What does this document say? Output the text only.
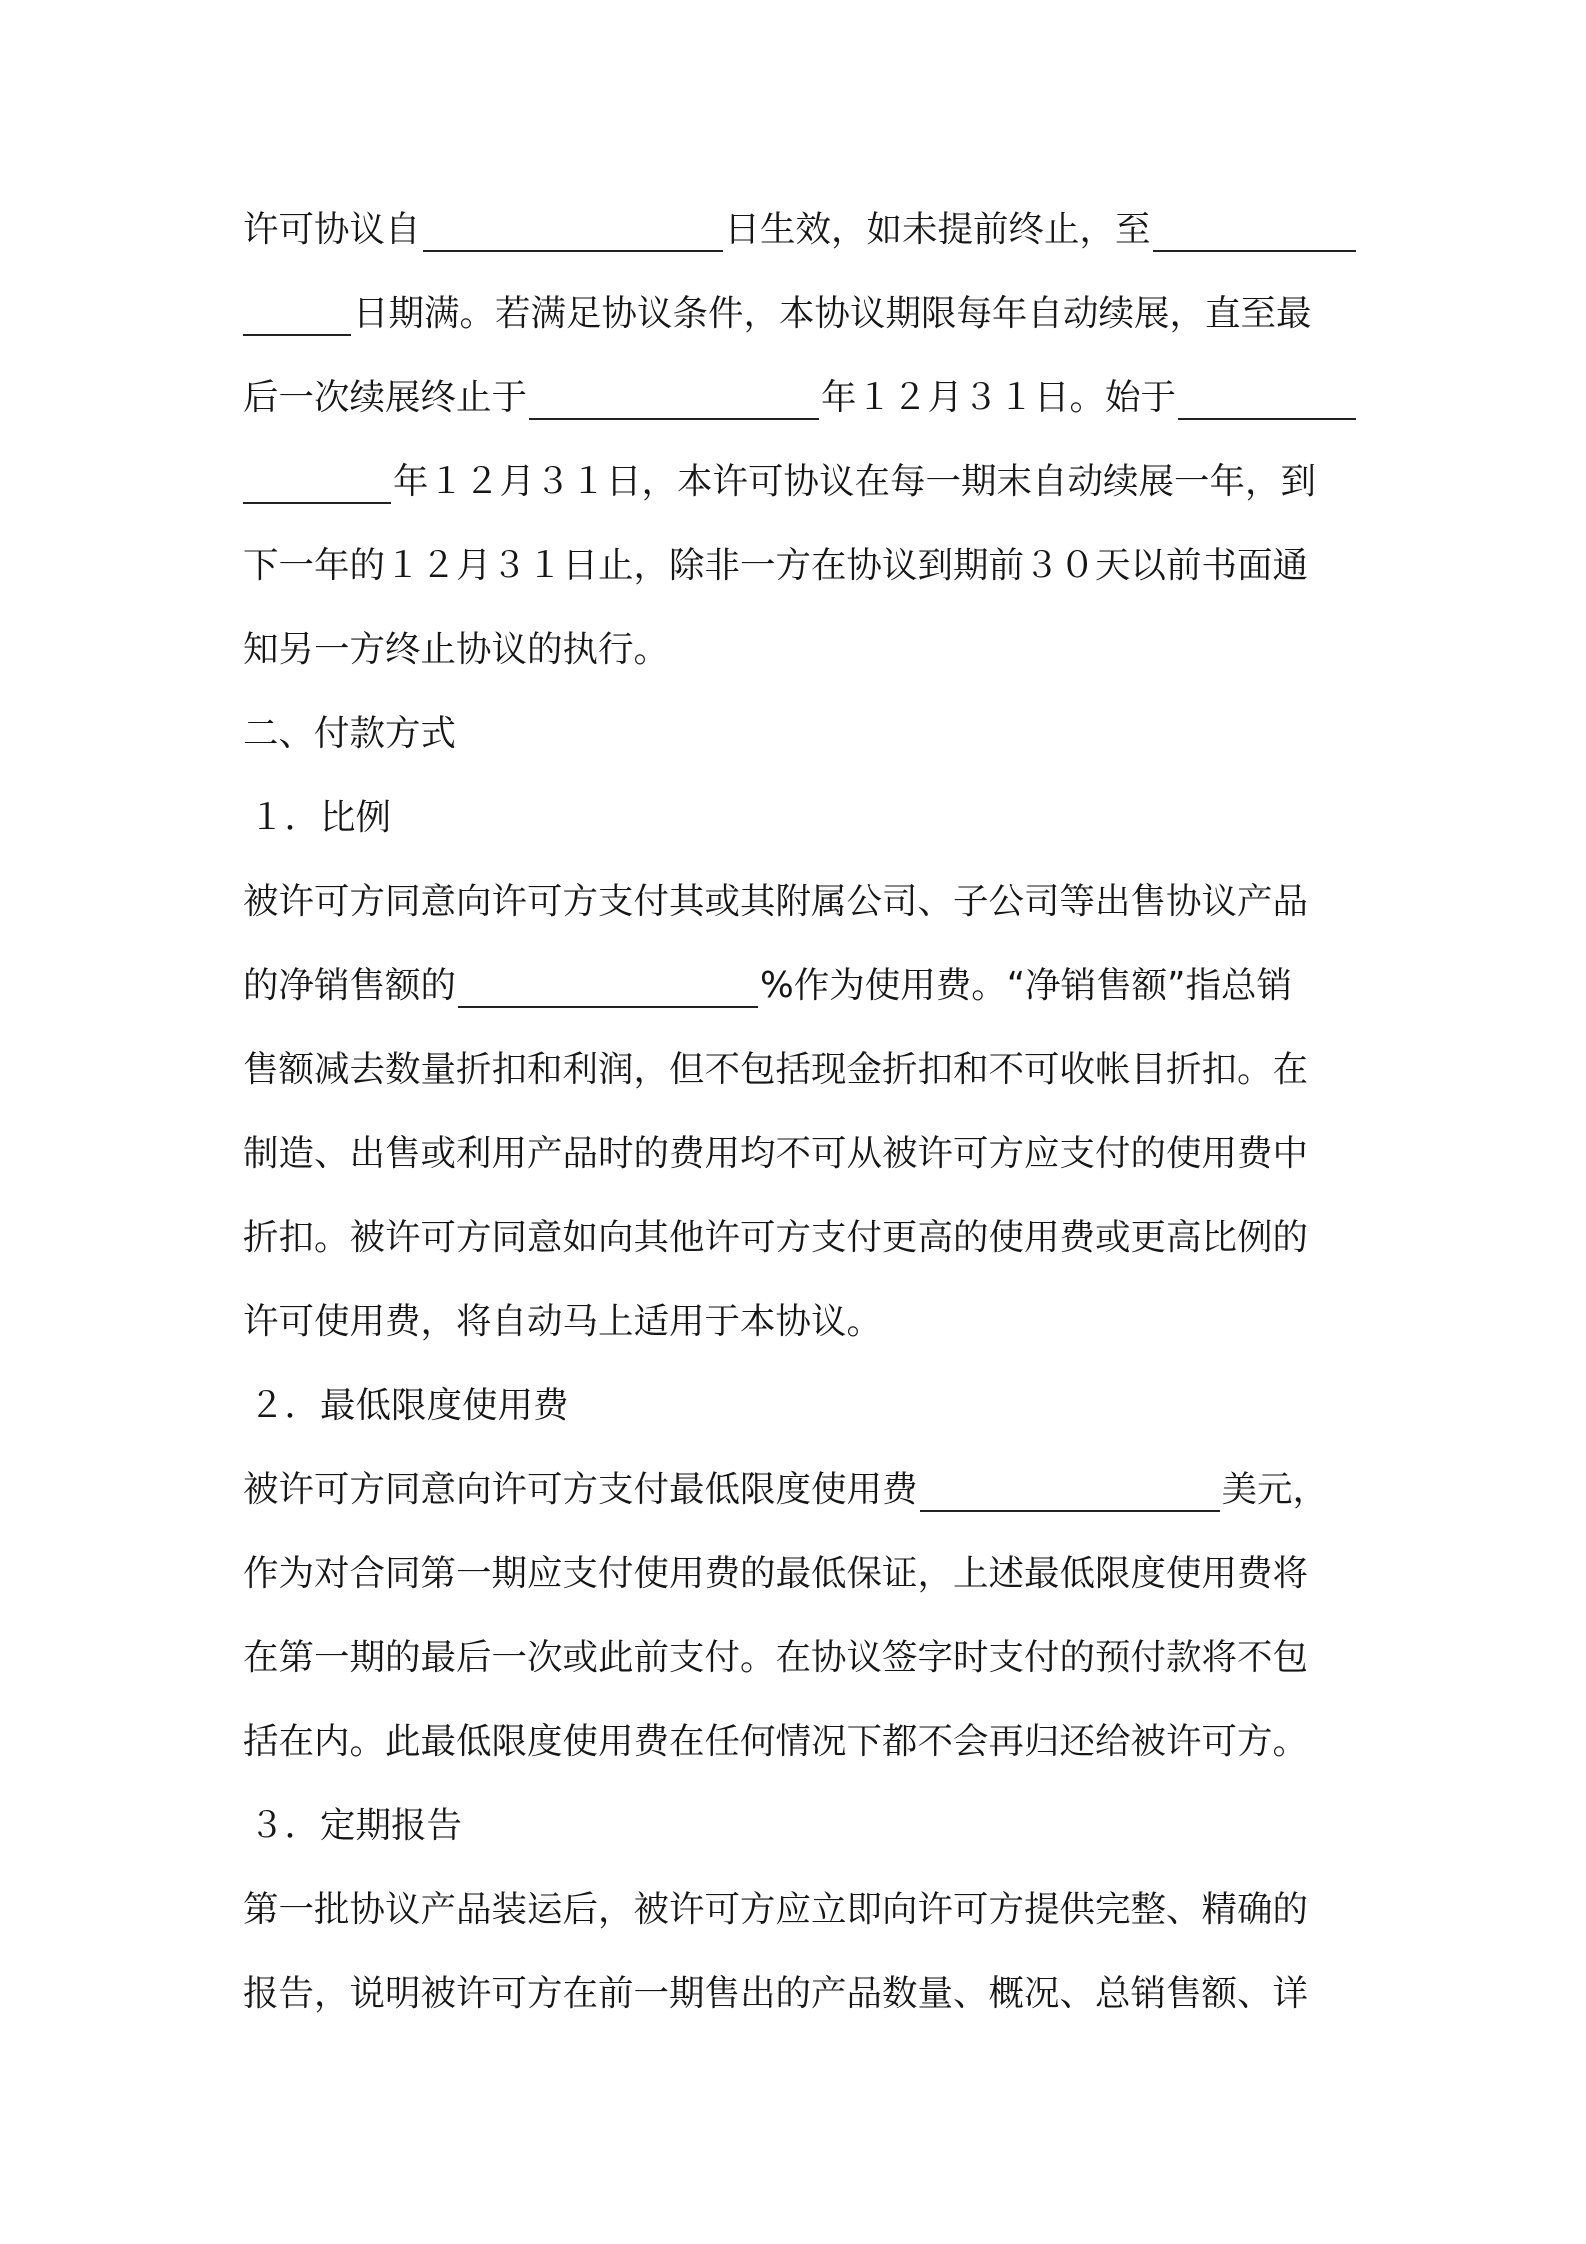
许可协议自	日生效，如未提前终止，至
日期满。若满足协议条件，本协议期限每年自动续展，直至最
后一次续展终止于	年１２月３１日。始于
年１２月３１日，本许可协议在每一期末自动续展一年，到
下一年的１２月３１日止，除非一方在协议到期前３０天以前书面通
知另一方终止协议的执行。
二、付款方式
１．比例
被许可方同意向许可方支付其或其附属公司、子公司等出售协议产品
的净销售额的	%作为使用费。“净销售额”指总销
售额减去数量折扣和利润，但不包括现金折扣和不可收帐目折扣。在
制造、出售或利用产品时的费用均不可从被许可方应支付的使用费中
折扣。被许可方同意如向其他许可方支付更高的使用费或更高比例的
许可使用费，将自动马上适用于本协议。
２．最低限度使用费
被许可方同意向许可方支付最低限度使用费	美元，
作为对合同第一期应支付使用费的最低保证，上述最低限度使用费将
在第一期的最后一次或此前支付。在协议签字时支付的预付款将不包
括在内。此最低限度使用费在任何情况下都不会再归还给被许可方。
３．定期报告
第一批协议产品装运后，被许可方应立即向许可方提供完整、精确的
报告，说明被许可方在前一期售出的产品数量、概况、总销售额、详
